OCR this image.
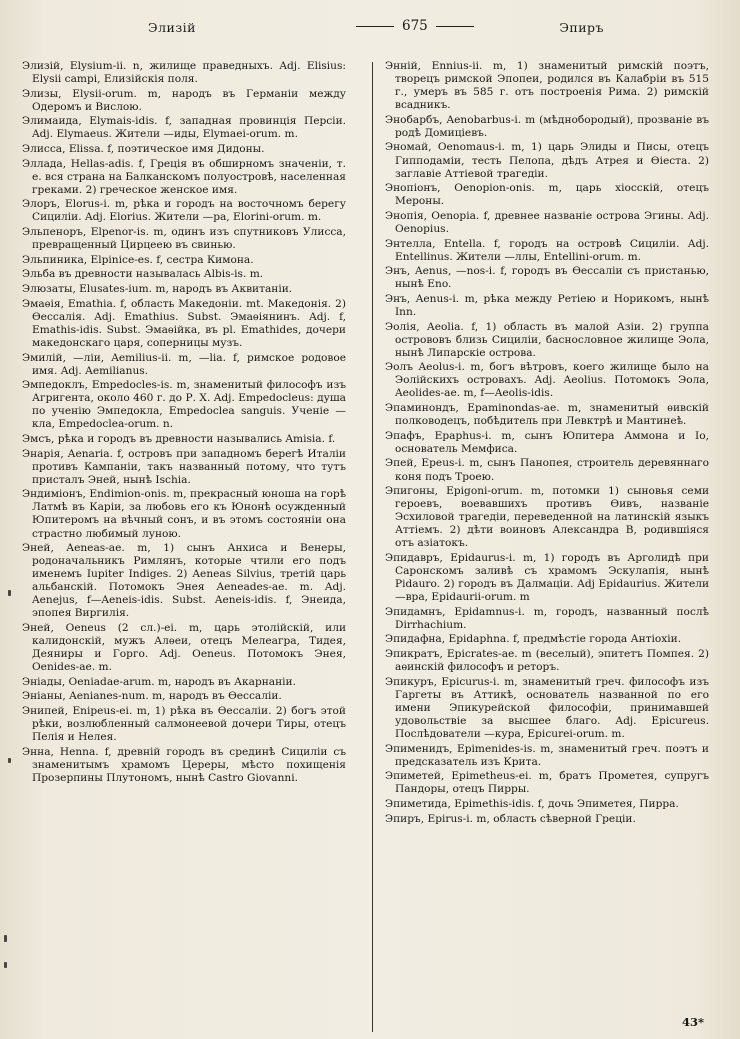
Элизій	675	Эпиръ

Элизій, Elysium-ii. n, жилище праведныхъ. Adj. Elisius: Elysii campi, Елизійскія поля.

Элизы, Elysii-orum. m, народъ въ Германіи между Одеромъ и Вислою.

Элимаида, Elymais-idis. f, западная провинція Персіи. Adj. Elymaeus. Жители —иды, Elymaei-orum. m.

Элисса, Elissa. f, поэтическое имя Дидоны.

Эллада, Hellas-adis. f, Греція въ обширномъ значеніи, т. е. вся страна на Балканскомъ полуостровѣ, населенная греками. 2) греческое женское имя.

Элоръ, Elorus-i. m, рѣка и городъ на восточномъ берегу Сициліи. Adj. Elorius. Жители —ра, Elorini-orum. m.

Эльпеноръ, Elpenor-is. m, одинъ изъ спутниковъ Улисса, превращенный Цирцеею въ свинью.

Эльпиника, Elpinice-es. f, сестра Кимона.

Эльба въ древности называлась Albis-is. m.

Элюзаты, Elusates-ium. m, народъ въ Аквитаніи.

Эмаѳія, Emathia. f, область Македоніи. mt. Македонія. 2) Ѳессалія. Adj. Emathius. Subst. Эмаѳіянинъ. Adj. f, Emathis-idis. Subst. Эмаѳійка, въ pl. Emathides, дочери македонскаго царя, соперницы музъ.

Эмилій, —ліи, Aemilius-ii. m, —lia. f, римское родовое имя. Adj. Aemilianus.

Эмпедоклъ, Empedocles-is. m, знаменитый философъ изъ Агригента, около 460 г. до Р. Х. Adj. Empedocleus: душа по ученію Эмпедокла, Empedoclea sanguis. Ученіе —кла, Empedoclea-orum. n.

Эмсъ, рѣка и городъ въ древности назывались Amisia. f.

Энарія, Aenaria. f, островъ при западномъ берегѣ Италіи противъ Кампаніи, такъ названный потому, что тутъ присталъ Эней, нынѣ Ischia.

Эндиміонъ, Endimion-onis. m, прекрасный юноша на горѣ Латмѣ въ Каріи, за любовь его къ Юнонѣ осужденный Юпитеромъ на вѣчный сонъ, и въ этомъ состояніи она страстно любимый луною.

Эней, Aeneas-ae. m, 1) сынъ Анхиса и Венеры, родоначальникъ Римлянъ, которые чтили его подъ именемъ Iupiter Indiges. 2) Aeneas Silvius, третій царь альбанскій. Потомокъ Энея Aeneades-ae. m. Adj. Aenejus, f—Aeneis-idis. Subst. Aeneis-idis. f, Энеида, эпопея Виргилія.

Эней, Oeneus (2 сл.)-ei. m, царь этолійскій, или калидонскій, мужъ Алѳеи, отецъ Мелеагра, Тидея, Деяниры и Горго. Adj. Oeneus. Потомокъ Энея, Oenides-ae. m.

Эніады, Oeniadae-arum. m, народъ въ Акарнаніи.

Эніаны, Aenianes-num. m, народъ въ Ѳессаліи.

Энипей, Enipeus-ei. m, 1) рѣка въ Ѳессаліи. 2) богъ этой рѣки, возлюбленный салмонеевой дочери Тиры, отецъ Пелія и Нелея.

Энна, Henna. f, древній городъ въ срединѣ Сициліи съ знаменитымъ храмомъ Цереры, мѣсто похищенія Прозерпины Плутономъ, нынѣ Castro Giovanni.

Энній, Ennius-ii. m, 1) знаменитый римскій поэтъ, творецъ римской Эпопеи, родился въ Калабріи въ 515 г., умеръ въ 585 г. отъ построенія Рима. 2) римскій всадникъ.

Энобарбъ, Aenobarbus-i. m (мѣднобородый), прозваніе въ родѣ Домиціевъ.

Эномай, Oenomaus-i. m, 1) царь Элиды и Писы, отецъ Гипподаміи, тесть Пелопа, дѣдъ Атрея и Ѳіеста. 2) заглавіе Аттіевой трагедіи.

Энопіонъ, Oenopion-onis. m, царь хіосскій, отецъ Мероны.

Энопія, Oenopia. f, древнее названіе острова Эгины. Adj. Oenopius.

Энтелла, Entella. f, городъ на островѣ Сициліи. Adj. Entellinus. Жители —ллы, Entellini-orum. m.

Энъ, Aenus, —nos-i. f, городъ въ Ѳессаліи съ пристанью, нынѣ Eno.

Энъ, Aenus-i. m, рѣка между Ретіею и Норикомъ, нынѣ Inn.

Эолія, Aeolia. f, 1) область въ малой Азіи. 2) группа острововъ близь Сициліи, баснословное жилище Эола, нынѣ Липарскіе острова.

Эолъ Aeolus-i. m, богъ вѣтровъ, коего жилище было на Эолійскихъ островахъ. Adj. Aeolius. Потомокъ Эола, Aeolides-ae. m, f—Aeolis-idis.

Эпаминондъ, Epaminondas-ae. m, знаменитый ѳивскій полководецъ, побѣдитель при Левктрѣ и Мантинеѣ.

Эпафъ, Epaphus-i. m, сынъ Юпитера Аммона и Io, основатель Мемфиса.

Эпей, Epeus-i. m, сынъ Панопея, строитель деревяннаго коня подъ Троею.

Эпигоны, Epigoni-orum. m, потомки 1) сыновья семи героевъ, воевавшихъ противъ Ѳивъ, названіе Эсхиловой трагедіи, переведенной на латинскій языкъ Аттіемъ. 2) дѣти воиновъ Александра В, родившіяся отъ азіатокъ.

Эпидавръ, Epidaurus-i. m, 1) городъ въ Арголидѣ при Саронскомъ заливѣ съ храмомъ Эскулапія, нынѣ Pidauro. 2) городъ въ Далмаціи. Adj Epidaurius. Жители —вра, Epidaurii-orum. m

Эпидамнъ, Epidamnus-i. m, городъ, названный послѣ Dirrhachium.

Эпидафна, Epidaphna. f, предмѣстіе города Антіохіи.

Эпикратъ, Epicrates-ae. m (веселый), эпитетъ Помпея. 2) аѳинскій философъ и реторъ.

Эпикуръ, Epicurus-i. m, знаменитый греч. философъ изъ Гаргеты въ Аттикѣ, основатель названной по его имени Эпикурейской философіи, принимавшей удовольствіе за высшее благо. Adj. Epicureus. Послѣдователи —кура, Epicurei-orum. m.

Эпименидъ, Epimenides-is. m, знаменитый греч. поэтъ и предсказатель изъ Крита.

Эпиметей, Epimetheus-ei. m, братъ Прометея, супругъ Пандоры, отецъ Пирры.

Эпиметида, Epimethis-idis. f, дочь Эпиметея, Пирра.

Эпиръ, Epirus-i. m, область сѣверной Греціи.

43*
